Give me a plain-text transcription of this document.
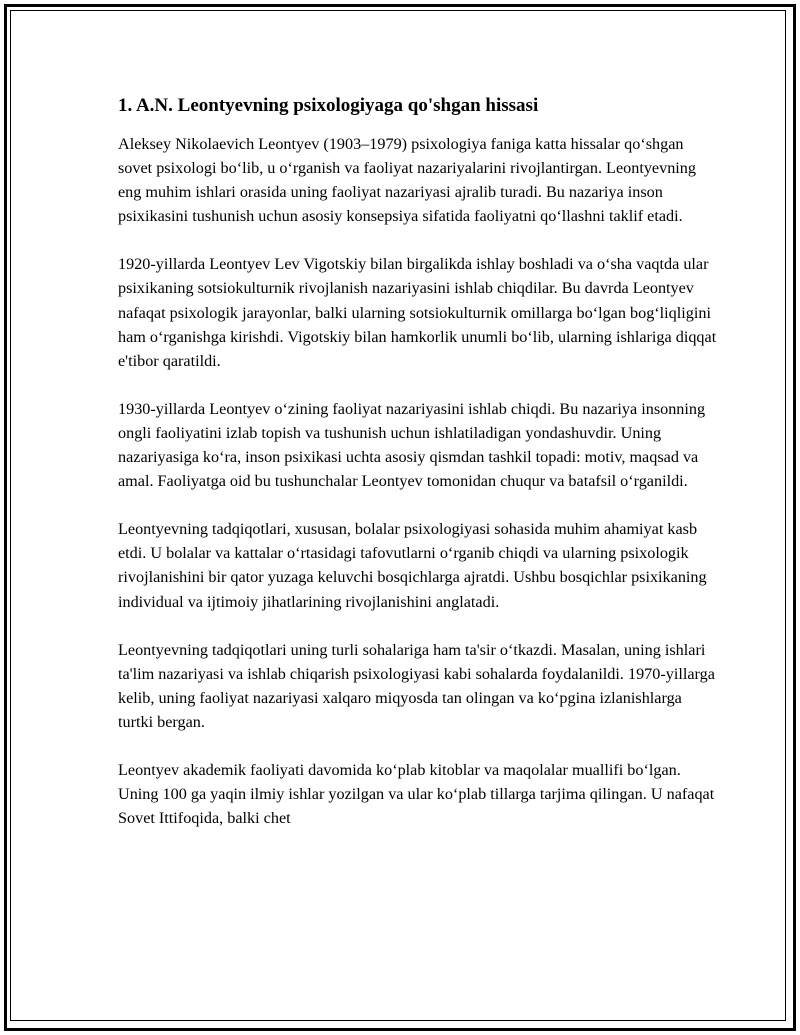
1. A.N. Leontyevning psixologiyaga qo'shgan hissasi

Aleksey Nikolaevich Leontyev (1903–1979) psixologiya faniga katta hissalar qo‘shgan sovet psixologi bo‘lib, u o‘rganish va faoliyat nazariyalarini rivojlantirgan. Leontyevning eng muhim ishlari orasida uning faoliyat nazariyasi ajralib turadi. Bu nazariya inson psixikasini tushunish uchun asosiy konsepsiya sifatida faoliyatni qo‘llashni taklif etadi.

1920-yillarda Leontyev Lev Vigotskiy bilan birgalikda ishlay boshladi va o‘sha vaqtda ular psixikaning sotsiokulturnik rivojlanish nazariyasini ishlab chiqdilar. Bu davrda Leontyev nafaqat psixologik jarayonlar, balki ularning sotsiokulturnik omillarga bo‘lgan bog‘liqligini ham o‘rganishga kirishdi. Vigotskiy bilan hamkorlik unumli bo‘lib, ularning ishlariga diqqat e'tibor qaratildi.

1930-yillarda Leontyev o‘zining faoliyat nazariyasini ishlab chiqdi. Bu nazariya insonning ongli faoliyatini izlab topish va tushunish uchun ishlatiladigan yondashuvdir. Uning nazariyasiga ko‘ra, inson psixikasi uchta asosiy qismdan tashkil topadi: motiv, maqsad va amal. Faoliyatga oid bu tushunchalar Leontyev tomonidan chuqur va batafsil o‘rganildi.

Leontyevning tadqiqotlari, xususan, bolalar psixologiyasi sohasida muhim ahamiyat kasb etdi. U bolalar va kattalar o‘rtasidagi tafovutlarni o‘rganib chiqdi va ularning psixologik rivojlanishini bir qator yuzaga keluvchi bosqichlarga ajratdi. Ushbu bosqichlar psixikaning individual va ijtimoiy jihatlarining rivojlanishini anglatadi.

Leontyevning tadqiqotlari uning turli sohalariga ham ta'sir o‘tkazdi. Masalan, uning ishlari ta'lim nazariyasi va ishlab chiqarish psixologiyasi kabi sohalarda foydalanildi. 1970-yillarga kelib, uning faoliyat nazariyasi xalqaro miqyosda tan olingan va ko‘pgina izlanishlarga turtki bergan.

Leontyev akademik faoliyati davomida ko‘plab kitoblar va maqolalar muallifi bo‘lgan. Uning 100 ga yaqin ilmiy ishlar yozilgan va ular ko‘plab tillarga tarjima qilingan. U nafaqat Sovet Ittifoqida, balki chet
